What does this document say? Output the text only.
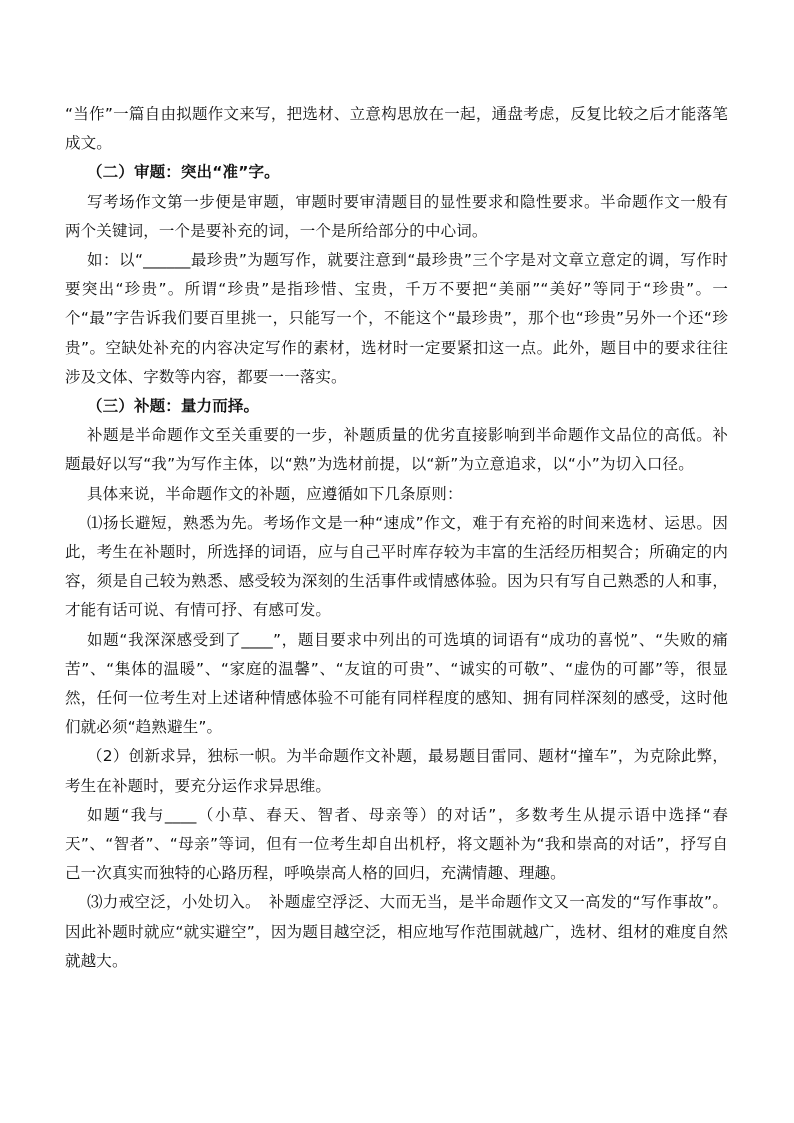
“当作”一篇自由拟题作文来写，把选材、立意构思放在一起，通盘考虑，反复比较之后才能落笔成文。

（二）审题：突出“准”字。

写考场作文第一步便是审题，审题时要审清题目的显性要求和隐性要求。半命题作文一般有两个关键词，一个是要补充的词，一个是所给部分的中心词。

如：以“______最珍贵”为题写作，就要注意到“最珍贵”三个字是对文章立意定的调，写作时要突出“珍贵”。所谓“珍贵”是指珍惜、宝贵，千万不要把“美丽”“美好”等同于“珍贵”。一个“最”字告诉我们要百里挑一，只能写一个，不能这个“最珍贵”，那个也“珍贵”另外一个还“珍贵”。空缺处补充的内容决定写作的素材，选材时一定要紧扣这一点。此外，题目中的要求往往涉及文体、字数等内容，都要一一落实。

（三）补题：量力而择。

补题是半命题作文至关重要的一步，补题质量的优劣直接影响到半命题作文品位的高低。补题最好以写“我”为写作主体，以“熟”为选材前提，以“新”为立意追求，以“小”为切入口径。

具体来说，半命题作文的补题，应遵循如下几条原则：

⑴扬长避短，熟悉为先。考场作文是一种“速成”作文，难于有充裕的时间来选材、运思。因此，考生在补题时，所选择的词语，应与自己平时库存较为丰富的生活经历相契合；所确定的内容，须是自己较为熟悉、感受较为深刻的生活事件或情感体验。因为只有写自己熟悉的人和事，才能有话可说、有情可抒、有感可发。

如题“我深深感受到了____”，题目要求中列出的可选填的词语有“成功的喜悦”、“失败的痛苦”、“集体的温暖”、“家庭的温馨”、“友谊的可贵”、“诚实的可敬”、“虚伪的可鄙”等，很显然，任何一位考生对上述诸种情感体验不可能有同样程度的感知、拥有同样深刻的感受，这时他们就必须“趋熟避生”。

（2）创新求异，独标一帜。为半命题作文补题，最易题目雷同、题材“撞车”，为克除此弊，考生在补题时，要充分运作求异思维。

如题“我与____（小草、春天、智者、母亲等）的对话”，多数考生从提示语中选择“春天”、“智者”、“母亲”等词，但有一位考生却自出机杼，将文题补为“我和崇高的对话”，抒写自己一次真实而独特的心路历程，呼唤崇高人格的回归，充满情趣、理趣。

⑶力戒空泛，小处切入。　补题虚空浮泛、大而无当，是半命题作文又一高发的“写作事故”。因此补题时就应“就实避空”，因为题目越空泛，相应地写作范围就越广，选材、组材的难度自然就越大。
